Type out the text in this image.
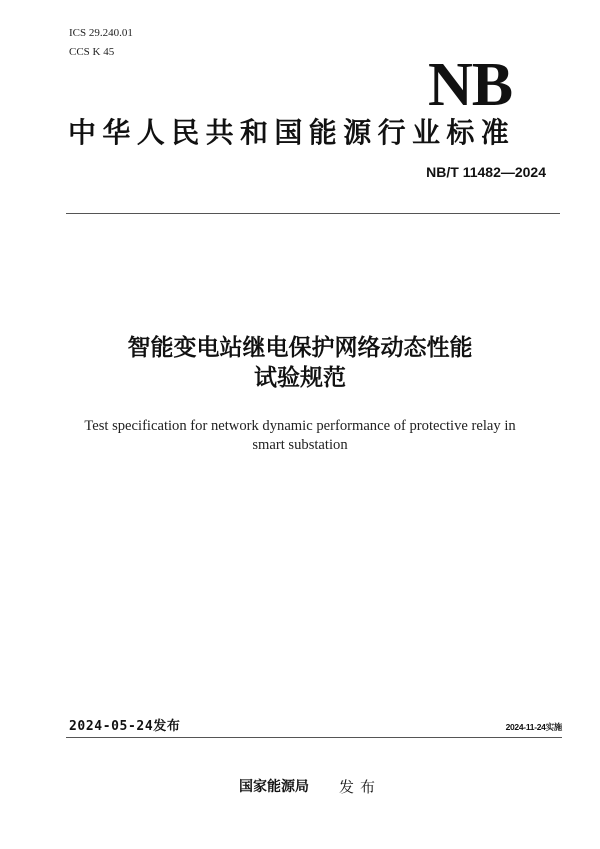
ICS 29.240.01
CCS K 45	NB
中华人民共和国能源行业标准
NB/T 11482—2024
智能变电站继电保护网络动态性能
试验规范
Test specification for network dynamic performance of protective relay in
smart substation
2024-05-24发布	2024-11-24实施
国家能源局 发布
